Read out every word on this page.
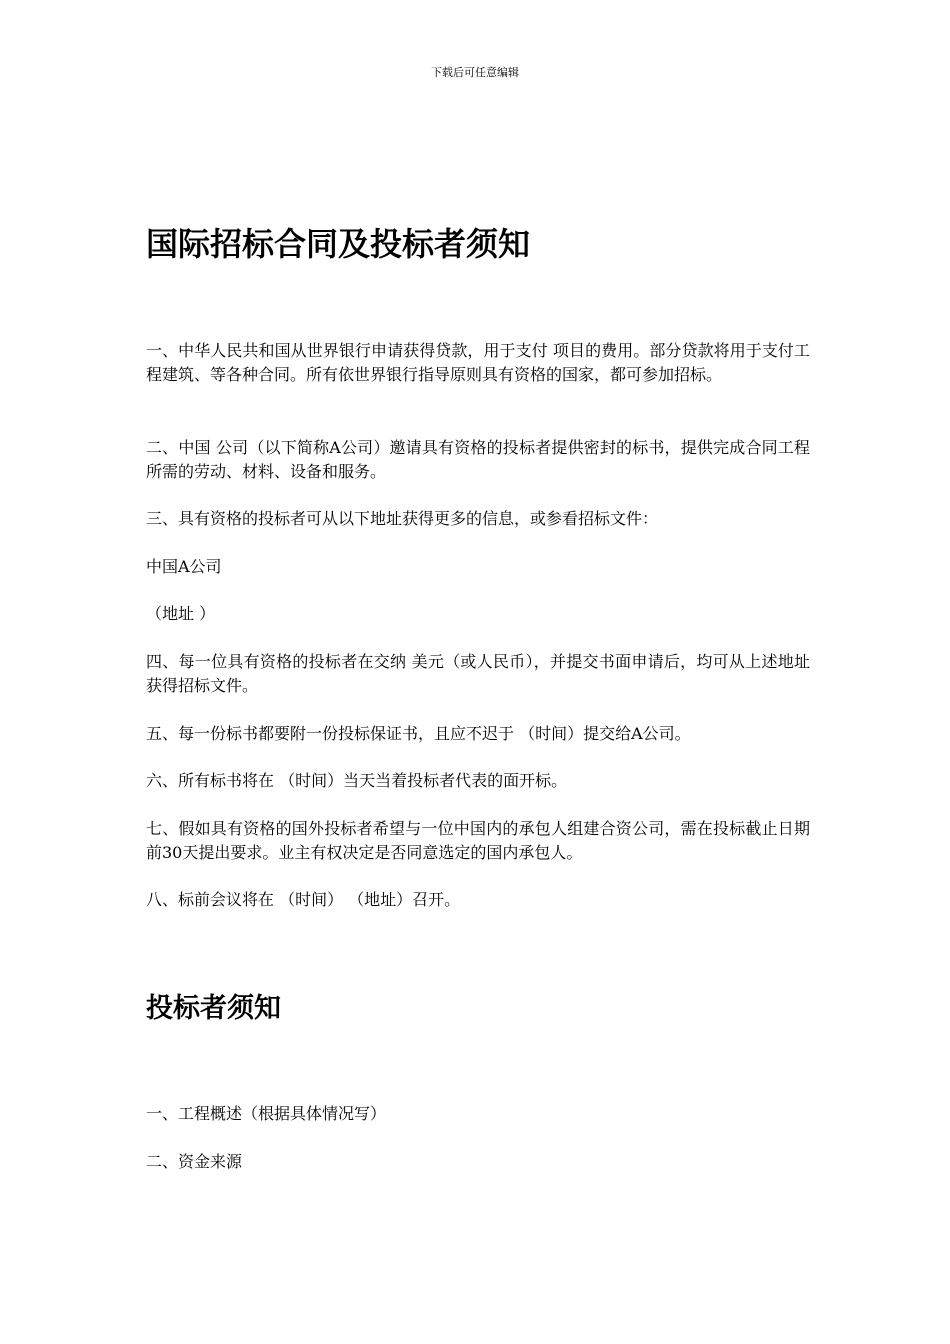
下载后可任意编辑
国际招标合同及投标者须知

一、中华人民共和国从世界银行申请获得贷款，用于支付 项目的费用。部分贷款将用于支付工程建筑、等各种合同。所有依世界银行指导原则具有资格的国家，都可参加招标。

二、中国 公司（以下简称A公司）邀请具有资格的投标者提供密封的标书，提供完成合同工程所需的劳动、材料、设备和服务。

三、具有资格的投标者可从以下地址获得更多的信息，或参看招标文件：

中国A公司

（地址 ）

四、每一位具有资格的投标者在交纳 美元（或人民币），并提交书面申请后，均可从上述地址获得招标文件。

五、每一份标书都要附一份投标保证书，且应不迟于 （时间）提交给A公司。

六、所有标书将在 （时间）当天当着投标者代表的面开标。

七、假如具有资格的国外投标者希望与一位中国内的承包人组建合资公司，需在投标截止日期前30天提出要求。业主有权决定是否同意选定的国内承包人。

八、标前会议将在 （时间） （地址）召开。

投标者须知

一、工程概述（根据具体情况写）

二、资金来源
